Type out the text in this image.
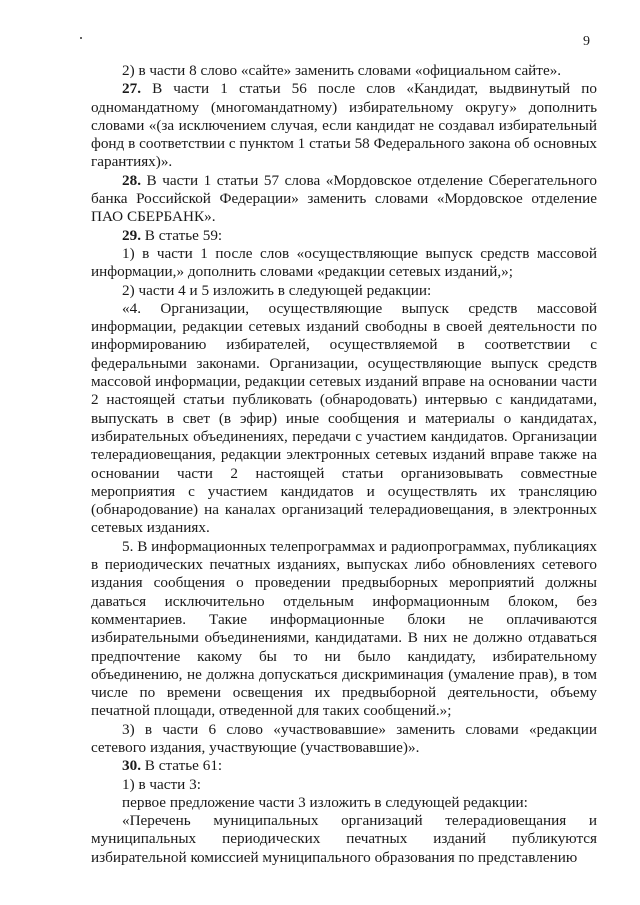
9

2) в части 8 слово «сайте» заменить словами «официальном сайте».

27. В части 1 статьи 56 после слов «Кандидат, выдвинутый по одномандатному (многомандатному) избирательному округу» дополнить словами «(за исключением случая, если кандидат не создавал избирательный фонд в соответствии с пунктом 1 статьи 58 Федерального закона об основных гарантиях)».

28. В части 1 статьи 57 слова «Мордовское отделение Сберегательного банка Российской Федерации» заменить словами «Мордовское отделение ПАО СБЕРБАНК».

29. В статье 59:

1) в части 1 после слов «осуществляющие выпуск средств массовой информации,» дополнить словами «редакции сетевых изданий,»;

2) части 4 и 5 изложить в следующей редакции:

«4. Организации, осуществляющие выпуск средств массовой информации, редакции сетевых изданий свободны в своей деятельности по информированию избирателей, осуществляемой в соответствии с федеральными законами. Организации, осуществляющие выпуск средств массовой информации, редакции сетевых изданий вправе на основании части 2 настоящей статьи публиковать (обнародовать) интервью с кандидатами, выпускать в свет (в эфир) иные сообщения и материалы о кандидатах, избирательных объединениях, передачи с участием кандидатов. Организации телерадиовещания, редакции электронных сетевых изданий вправе также на основании части 2 настоящей статьи организовывать совместные мероприятия с участием кандидатов и осуществлять их трансляцию (обнародование) на каналах организаций телерадиовещания, в электронных сетевых изданиях.

5. В информационных телепрограммах и радиопрограммах, публикациях в периодических печатных изданиях, выпусках либо обновлениях сетевого издания сообщения о проведении предвыборных мероприятий должны даваться исключительно отдельным информационным блоком, без комментариев. Такие информационные блоки не оплачиваются избирательными объединениями, кандидатами. В них не должно отдаваться предпочтение какому бы то ни было кандидату, избирательному объединению, не должна допускаться дискриминация (умаление прав), в том числе по времени освещения их предвыборной деятельности, объему печатной площади, отведенной для таких сообщений.»;

3) в части 6 слово «участвовавшие» заменить словами «редакции сетевого издания, участвующие (участвовавшие)».

30. В статье 61:

1) в части 3:

первое предложение части 3 изложить в следующей редакции:

«Перечень муниципальных организаций телерадиовещания и муниципальных периодических печатных изданий публикуются избирательной комиссией муниципального образования по представлению
